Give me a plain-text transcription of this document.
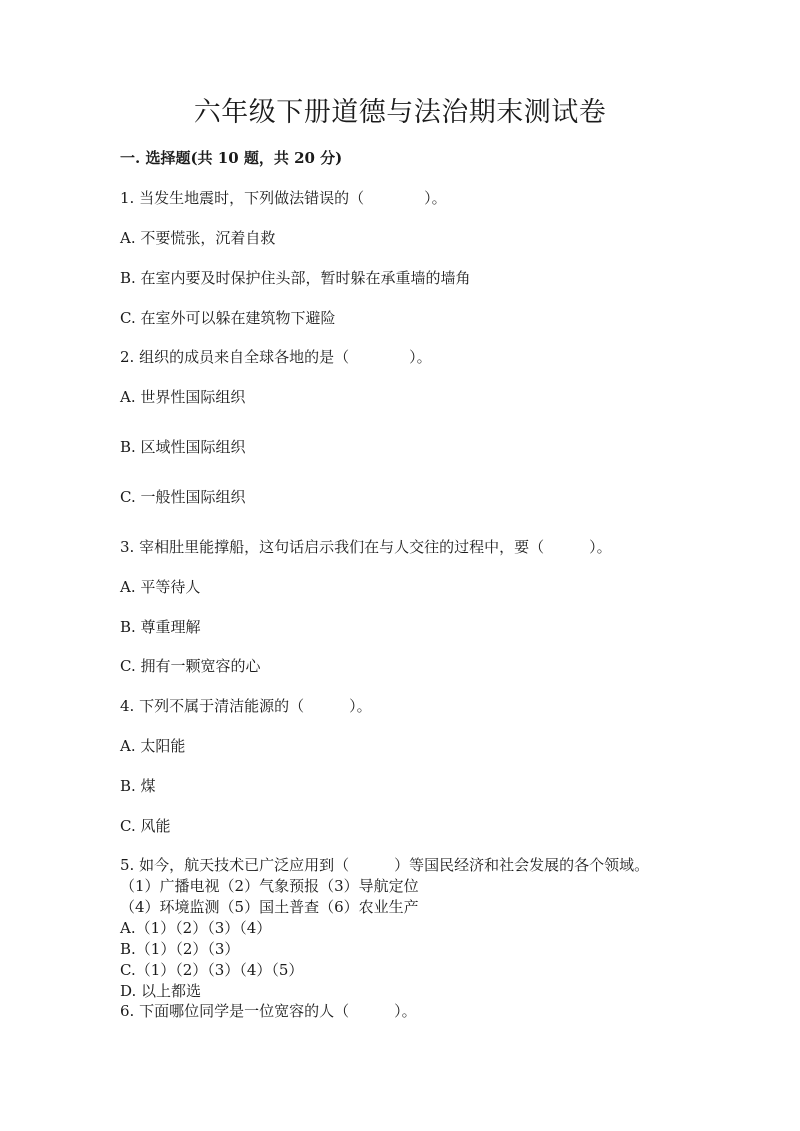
六年级下册道德与法治期末测试卷
一. 选择题(共 10 题，共 20 分)
1. 当发生地震时，下列做法错误的（　　　　）。
A. 不要慌张，沉着自救
B. 在室内要及时保护住头部，暂时躲在承重墙的墙角
C. 在室外可以躲在建筑物下避险
2. 组织的成员来自全球各地的是（　　　　）。
A. 世界性国际组织
B. 区域性国际组织
C. 一般性国际组织
3. 宰相肚里能撑船，这句话启示我们在与人交往的过程中，要（　　　）。
A. 平等待人
B. 尊重理解
C. 拥有一颗宽容的心
4. 下列不属于清洁能源的（　　　）。
A. 太阳能
B. 煤
C. 风能
5. 如今，航天技术已广泛应用到（　　　）等国民经济和社会发展的各个领域。
（1）广播电视（2）气象预报（3）导航定位
（4）环境监测（5）国土普查（6）农业生产
A.（1）（2）（3）（4）
B.（1）（2）（3）
C.（1）（2）（3）（4）（5）
D. 以上都选
6. 下面哪位同学是一位宽容的人（　　　）。
